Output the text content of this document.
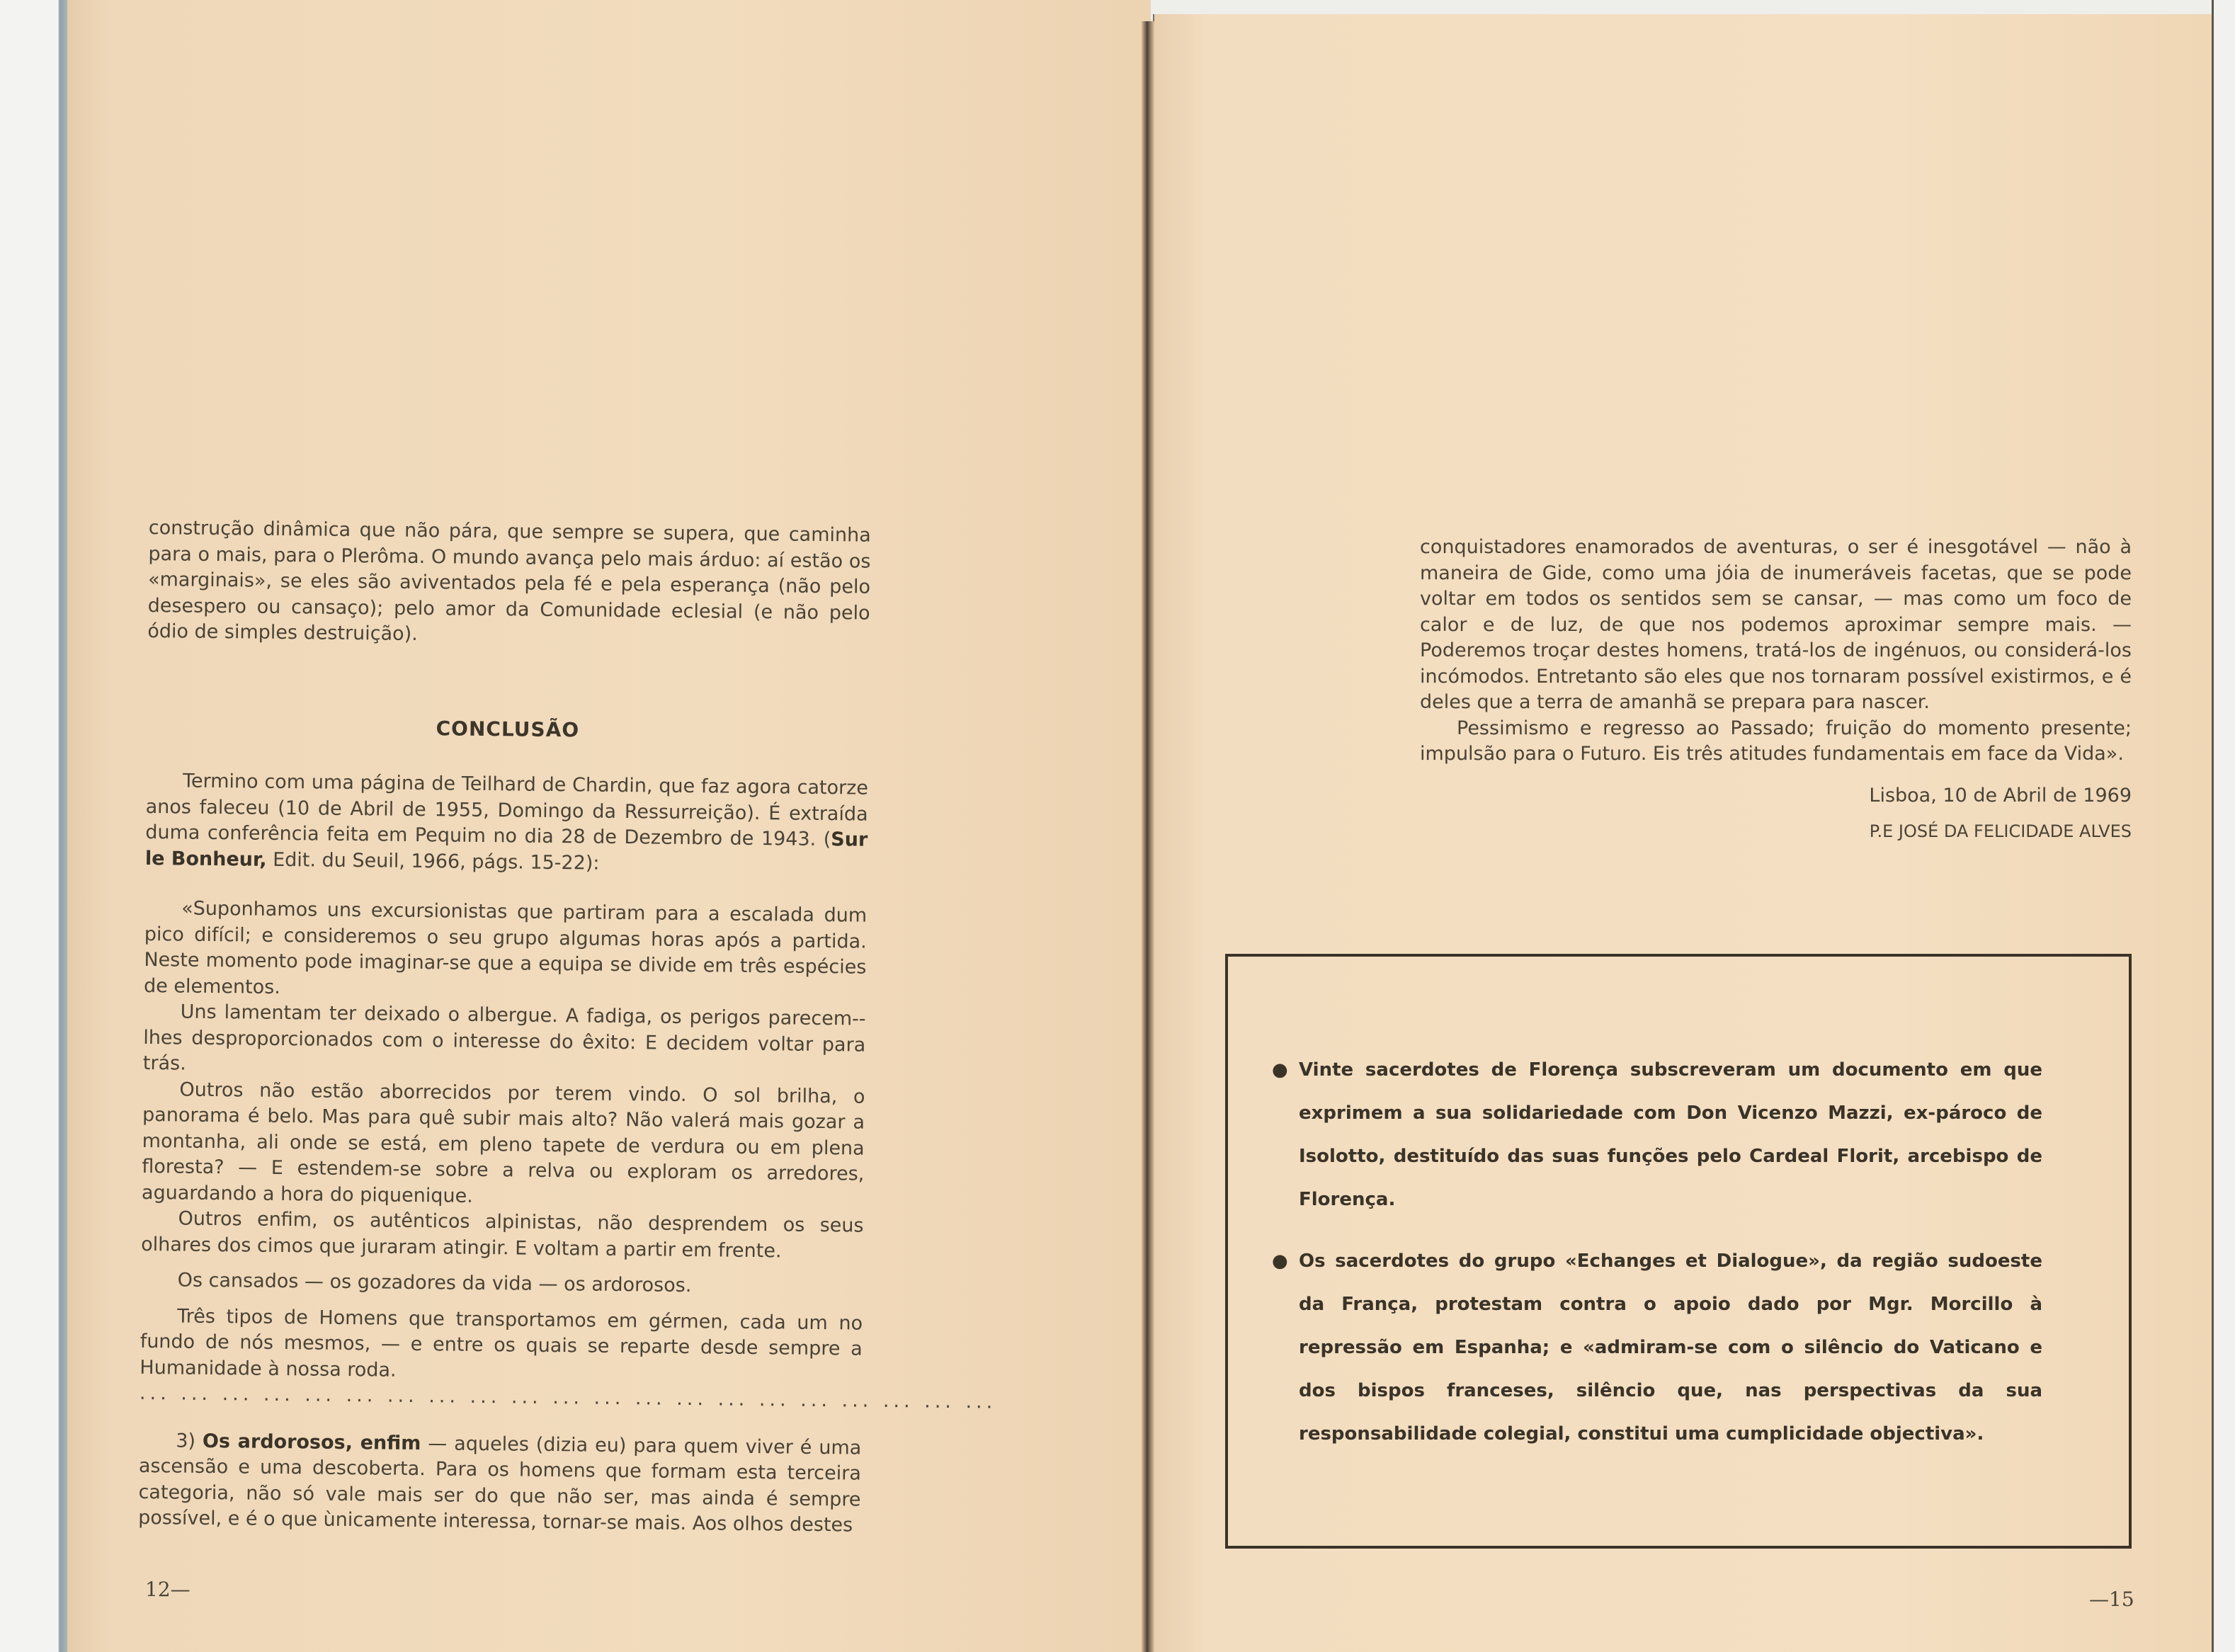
construção dinâmica que não pára, que sempre se supera, que caminha para o mais, para o Plerôma. O mundo avança pelo mais árduo: aí estão os «marginais», se eles são aviventados pela fé e pela esperança (não pelo desespero ou cansaço); pelo amor da Comunidade eclesial (e não pelo ódio de simples destruição).

CONCLUSÃO

Termino com uma página de Teilhard de Chardin, que faz agora catorze anos faleceu (10 de Abril de 1955, Domingo da Ressurreição). É extraída duma conferência feita em Pequim no dia 28 de Dezembro de 1943. (Sur le Bonheur, Edit. du Seuil, 1966, págs. 15-22):

«Suponhamos uns excursionistas que partiram para a escalada dum pico difícil; e consideremos o seu grupo algumas horas após a partida. Neste momento pode imaginar-se que a equipa se divide em três espécies de elementos.

Uns lamentam ter deixado o albergue. A fadiga, os perigos parecem--lhes desproporcionados com o interesse do êxito: E decidem voltar para trás.

Outros não estão aborrecidos por terem vindo. O sol brilha, o panorama é belo. Mas para quê subir mais alto? Não valerá mais gozar a montanha, ali onde se está, em pleno tapete de verdura ou em plena floresta? — E estendem-se sobre a relva ou exploram os arredores, aguardando a hora do piquenique.

Outros enfim, os autênticos alpinistas, não desprendem os seus olhares dos cimos que juraram atingir. E voltam a partir em frente.

Os cansados — os gozadores da vida — os ardorosos.

Três tipos de Homens que transportamos em gérmen, cada um no fundo de nós mesmos, — e entre os quais se reparte desde sempre a Humanidade à nossa roda.

... ... ... ... ... ... ... ... ... ... ... ... ... ... ... ... ... ... ... ... ...

3) Os ardorosos, enfim — aqueles (dizia eu) para quem viver é uma ascensão e uma descoberta. Para os homens que formam esta terceira categoria, não só vale mais ser do que não ser, mas ainda é sempre possível, e é o que ùnicamente interessa, tornar-se mais. Aos olhos destes

12—

conquistadores enamorados de aventuras, o ser é inesgotável — não à maneira de Gide, como uma jóia de inumeráveis facetas, que se pode voltar em todos os sentidos sem se cansar, — mas como um foco de calor e de luz, de que nos podemos aproximar sempre mais. — Poderemos troçar destes homens, tratá-los de ingénuos, ou considerá-los incómodos. Entretanto são eles que nos tornaram possível existirmos, e é deles que a terra de amanhã se prepara para nascer.

Pessimismo e regresso ao Passado; fruição do momento presente; impulsão para o Futuro. Eis três atitudes fundamentais em face da Vida».

Lisboa, 10 de Abril de 1969

P.E JOSÉ DA FELICIDADE ALVES

● Vinte sacerdotes de Florença subscreveram um documento em que exprimem a sua solidariedade com Don Vicenzo Mazzi, ex-pároco de Isolotto, destituído das suas funções pelo Cardeal Florit, arcebispo de Florença.
● Os sacerdotes do grupo «Echanges et Dialogue», da região sudoeste da França, protestam contra o apoio dado por Mgr. Morcillo à repressão em Espanha; e «admiram-se com o silêncio do Vaticano e dos bispos franceses, silêncio que, nas perspectivas da sua responsabilidade colegial, constitui uma cumplicidade objectiva».
—15
